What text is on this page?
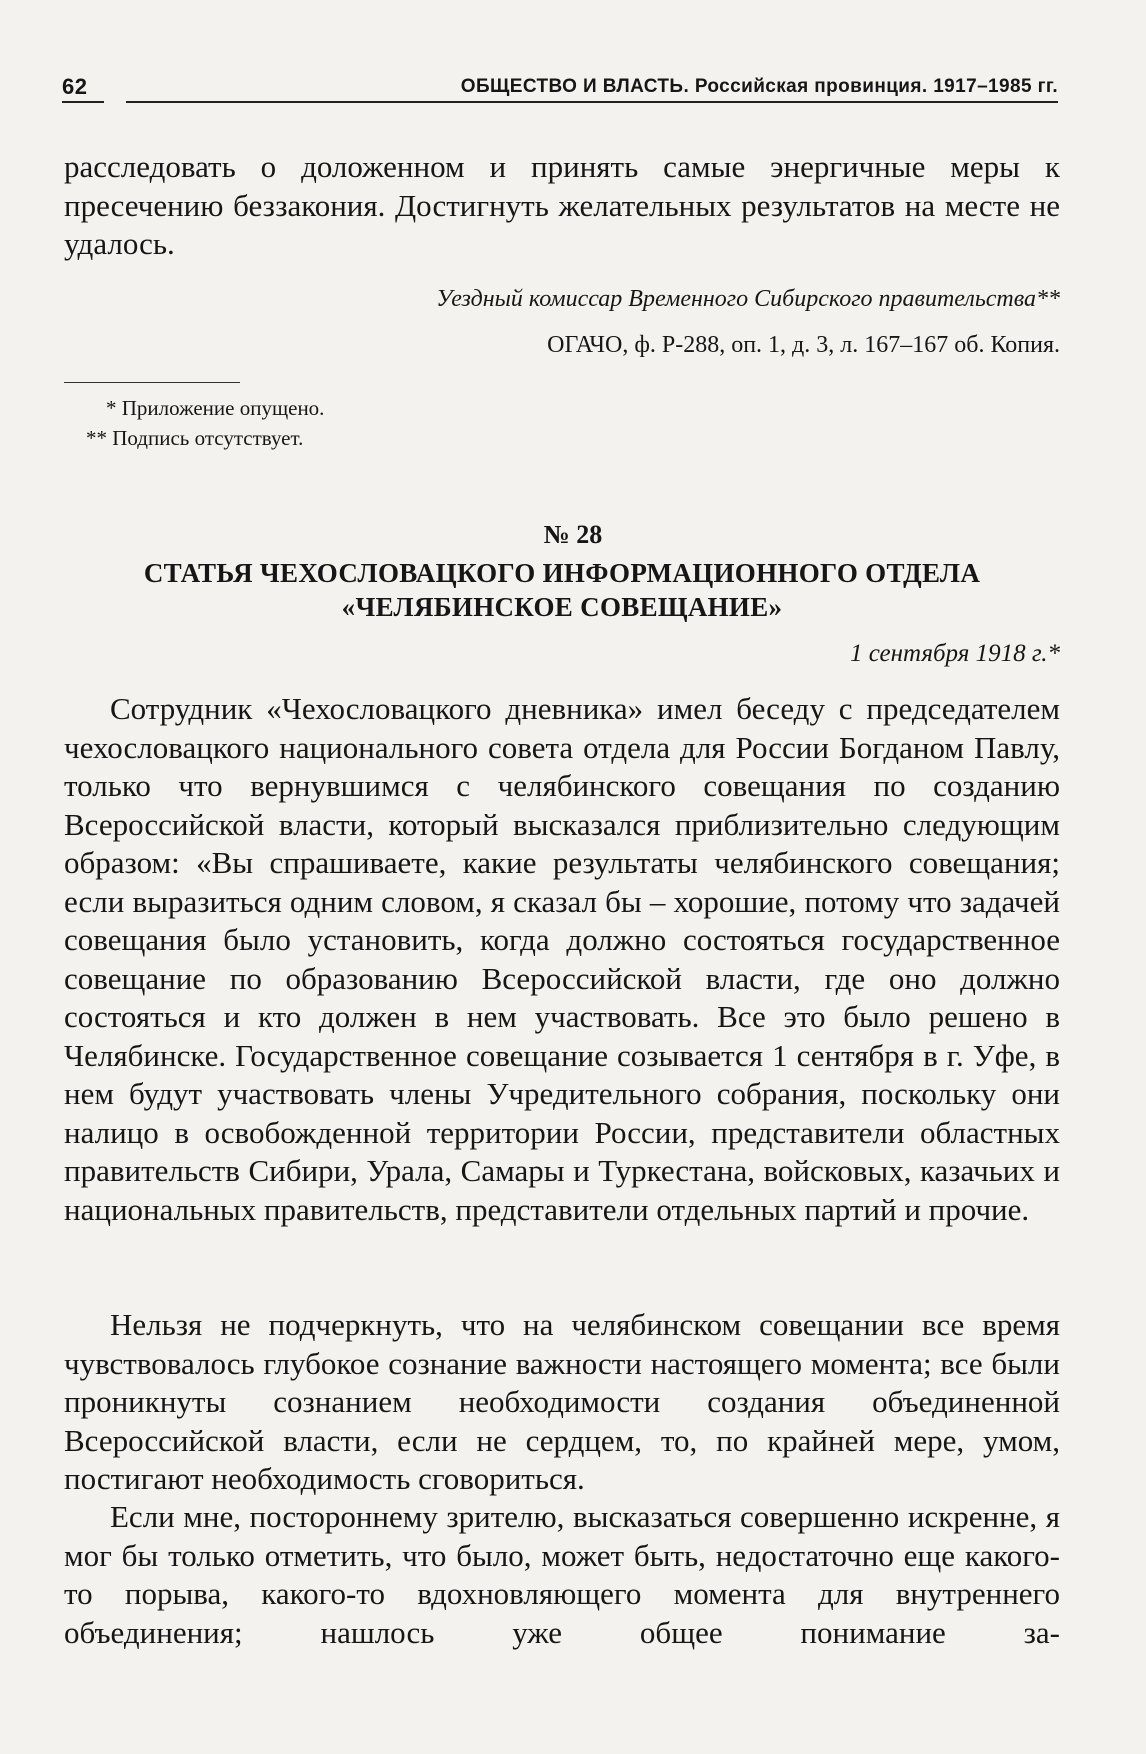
62	ОБЩЕСТВО И ВЛАСТЬ. Российская провинция. 1917–1985 гг.

расследовать о доложенном и принять самые энергичные меры к пресечению беззакония. Достигнуть желательных результатов на месте не удалось.

Уездный комиссар Временного Сибирского правительства**
ОГАЧО, ф. Р-288, оп. 1, д. 3, л. 167–167 об. Копия.
* Приложение опущено.
** Подпись отсутствует.
№ 28
СТАТЬЯ ЧЕХОСЛОВАЦКОГО ИНФОРМАЦИОННОГО ОТДЕЛА
«ЧЕЛЯБИНСКОЕ СОВЕЩАНИЕ»
1 сентября 1918 г.*

Сотрудник «Чехословацкого дневника» имел беседу с председателем чехословацкого национального совета отдела для России Богданом Павлу, только что вернувшимся с челябинского совещания по созданию Всероссийской власти, который высказался приблизительно следующим образом: «Вы спрашиваете, какие результаты челябинского совещания; если выразиться одним словом, я сказал бы – хорошие, потому что задачей совещания было установить, когда должно состояться государственное совещание по образованию Всероссийской власти, где оно должно состояться и кто должен в нем участвовать. Все это было решено в Челябинске. Государственное совещание созывается 1 сентября в г. Уфе, в нем будут участвовать члены Учредительного собрания, поскольку они налицо в освобожденной территории России, представители областных правительств Сибири, Урала, Самары и Туркестана, войсковых, казачьих и национальных правительств, представители отдельных партий и прочие.

Нельзя не подчеркнуть, что на челябинском совещании все время чувствовалось глубокое сознание важности настоящего момента; все были проникнуты сознанием необходимости создания объединенной Всероссийской власти, если не сердцем, то, по крайней мере, умом, постигают необходимость сговориться.

Если мне, постороннему зрителю, высказаться совершенно искренне, я мог бы только отметить, что было, может быть, недостаточно еще какого-то порыва, какого-то вдохновляющего момента для внутреннего объединения; нашлось уже общее понимание за-
